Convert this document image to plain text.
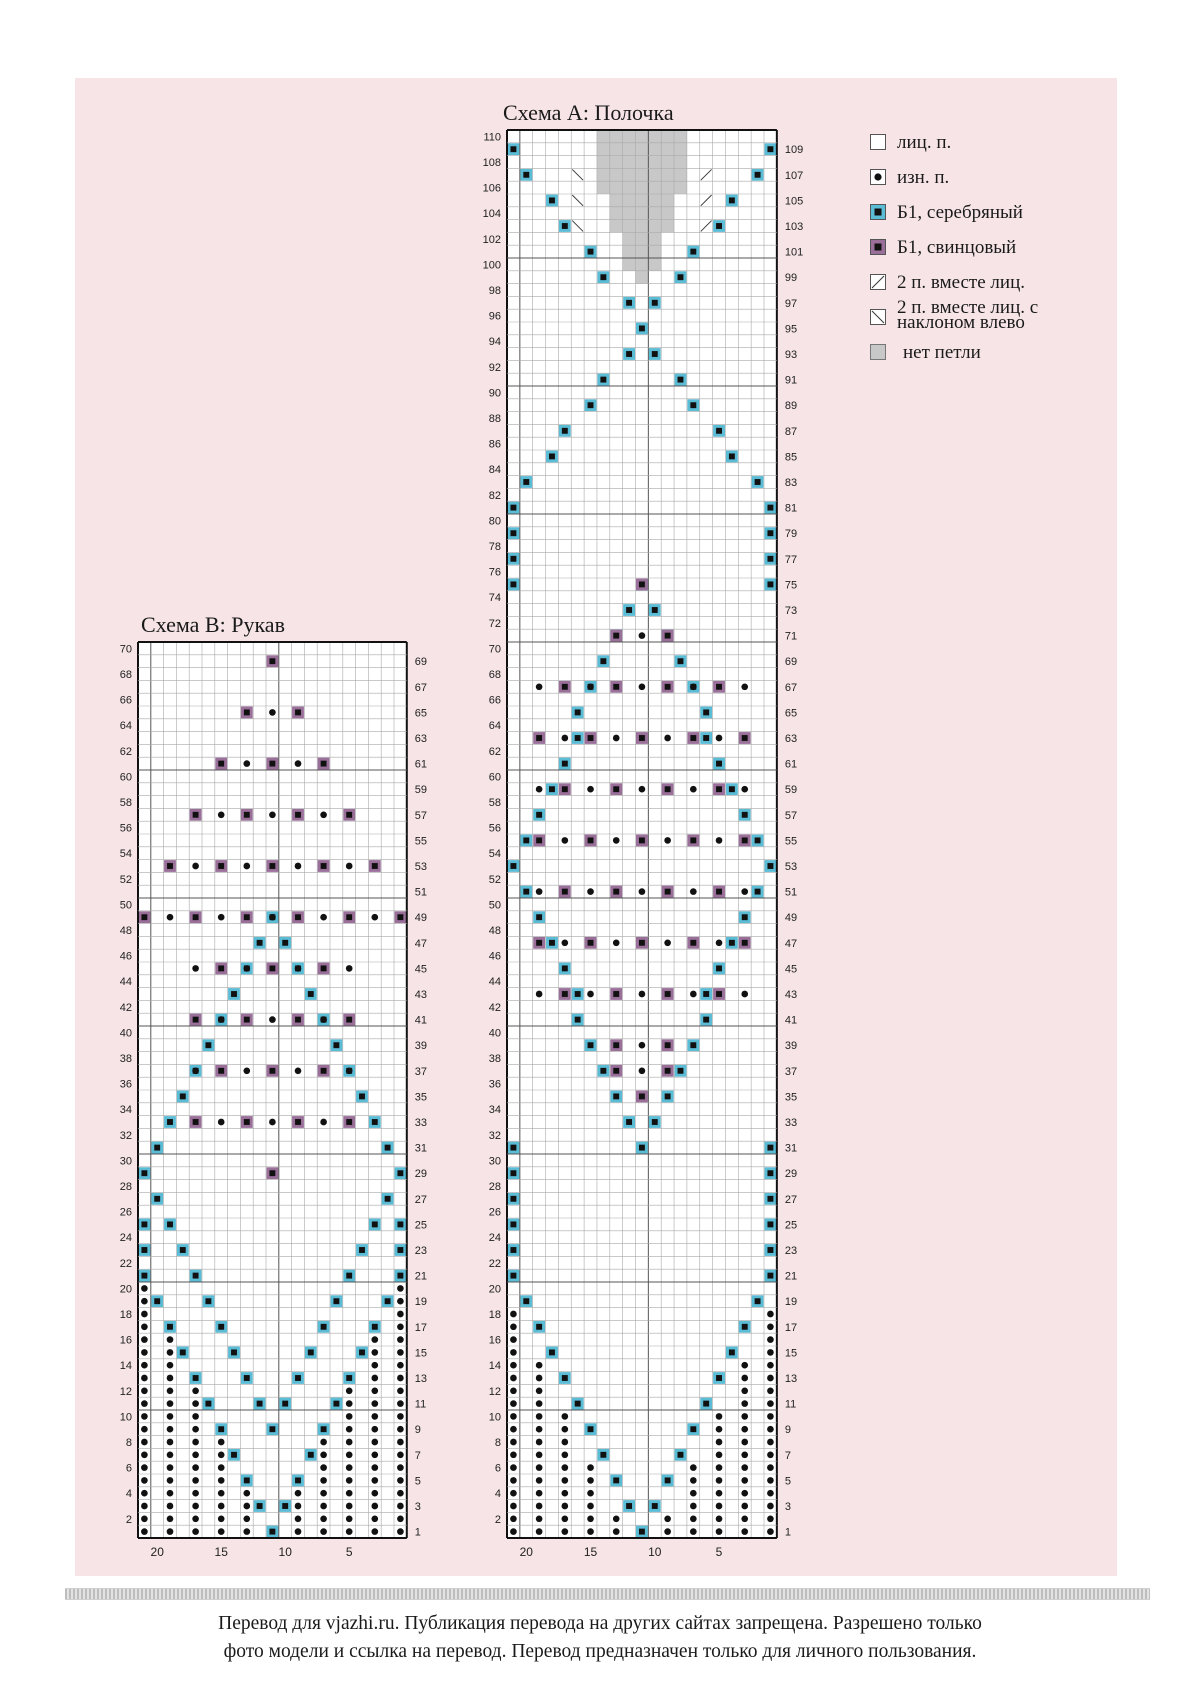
Схема A: Полочка
1
2
3
4
5
6
7
8
9
10
11
12
13
14
15
16
17
18
19
20
21
22
23
24
25
26
27
28
29
30
31
32
33
34
35
36
37
38
39
40
41
42
43
44
45
46
47
48
49
50
51
52
53
54
55
56
57
58
59
60
61
62
63
64
65
66
67
68
69
70
71
72
73
74
75
76
77
78
79
80
81
82
83
84
85
86
87
88
89
90
91
92
93
94
95
96
97
98
99
100
101
102
103
104
105
106
107
108
109
110
20	15	10	5
Схема B: Рукав
1
2
3
4
5
6
7
8
9
10
11
12
13
14
15
16
17
18
19
20
21
22
23
24
25
26
27
28
29
30
31
32
33
34
35
36
37
38
39
40
41
42
43
44
45
46
47
48
49
50
51
52
53
54
55
56
57
58
59
60
61
62
63
64
65
66
67
68
69
70
20	15	10	5
лиц. п.
изн. п.
Б1, серебряный
Б1, свинцовый
2 п. вместе лиц.
2 п. вместе лиц. с наклоном влево
нет петли
Перевод для vjazhi.ru. Публикация перевода на других сайтах запрещена. Разрешено только
фото модели и ссылка на перевод. Перевод предназначен только для личного пользования.
